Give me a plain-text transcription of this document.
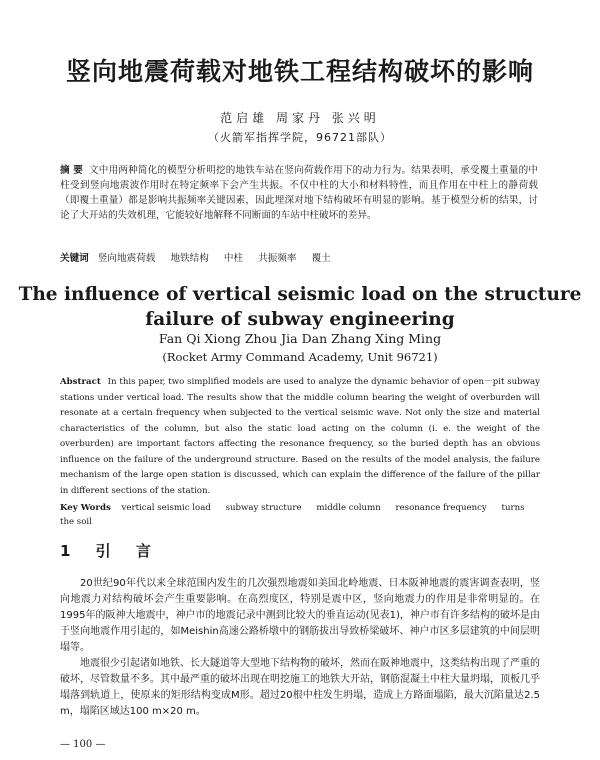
竖向地震荷载对地铁工程结构破坏的影响
范启雄 周家丹 张兴明
（火箭军指挥学院，96721部队）
摘 要 文中用两种简化的模型分析明挖的地铁车站在竖向荷载作用下的动力行为。结果表明，承受覆土重量的中柱受到竖向地震波作用时在特定频率下会产生共振。不仅中柱的大小和材料特性，而且作用在中柱上的静荷载（即覆土重量）都是影响共振频率关键因素，因此埋深对地下结构破坏有明显的影响。基于模型分析的结果，讨论了大开站的失效机理，它能较好地解释不同断面的车站中柱破坏的差异。
关键词 竖向地震荷载 地铁结构 中柱 共振频率 覆土
The influence of vertical seismic load on the structure failure of subway engineering
Fan Qi Xiong Zhou Jia Dan Zhang Xing Ming
(Rocket Army Command Academy, Unit 96721)
Abstract In this paper, two simplified models are used to analyze the dynamic behavior of open－pit subway stations under vertical load. The results show that the middle column bearing the weight of overburden will resonate at a certain frequency when subjected to the vertical seismic wave. Not only the size and material characteristics of the column, but also the static load acting on the column (i. e. the weight of the overburden) are important factors affecting the resonance frequency, so the buried depth has an obvious influence on the failure of the underground structure. Based on the results of the model analysis, the failure mechanism of the large open station is discussed, which can explain the difference of the failure of the pillar in different sections of the station.
Key Words vertical seismic load subway structure middle column resonance frequency turns the soil
1 引 言

20世纪90年代以来全球范围内发生的几次强烈地震如美国北岭地震、日本阪神地震的震害调查表明，竖向地震力对结构破坏会产生重要影响。在高烈度区，特别是震中区，竖向地震力的作用是非常明显的。在1995年的阪神大地震中，神户市的地震记录中测到比较大的垂直运动(见表1)，神户市有许多结构的破坏是由于竖向地震作用引起的，如Meishin高速公路桥墩中的钢筋拔出导致桥梁破坏、神户市区多层建筑的中间层明塌等。

地震很少引起诸如地铁、长大隧道等大型地下结构物的破坏，然而在阪神地震中，这类结构出现了严重的破坏，尽管数量不多。其中最严重的破坏出现在明挖施工的地铁大开站，钢筋混凝土中柱大量坍塌，顶板几乎塌落到轨道上，使原来的矩形结构变成M形。超过20根中柱发生坍塌，造成上方路面塌陷，最大沉陷量达2.5 m，塌陷区域达100 m×20 m。

— 100 —
